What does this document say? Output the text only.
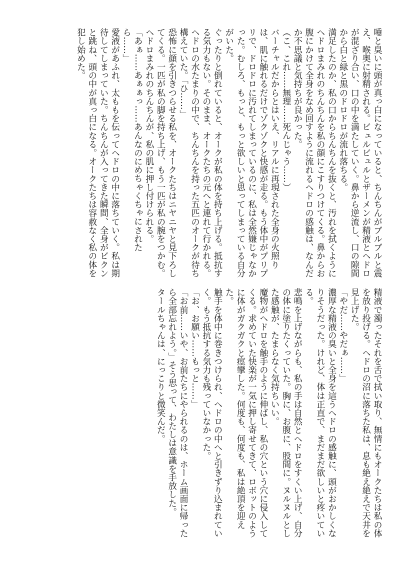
唾と臭いに頭が真っ白になっていると、ちんちんがブルブルと震え、喉奥に射精される。ビュルビュルとザーメンが精液とヘドロが混ざり合い、口の中を満たしていく。鼻から逆流し、口の隙間から白と緑と黒のドロドロが流れ落ちる。

満足したのか、私の口からちんちんを抜くと、汚れを拭くようにヘドロまみれのちんちんを私の顔にこすりつけてくる。鼻からお腹にかけて全身をなめ回すように流れるヘドロの感触は、なんだか不思議と気持ちが良かった。

（こ、これ……無理……死んじゃう……）

バーチャルだからとはいえ、リアルに再現された全身の火照りは、肌に触れるだけでゾクゾクと快感が走る。もう体中がプリプリで、ドロドロに汚れてしまっているのに、私は全然嫌じゃなかった。むしろ、もっと、もっと欲しいと思ってしまっている自分がいた。

ぐったりと倒れていると、オークが私の体を持ち上げる。抵抗する気力もない。そのまま、オークたちの元へと連れて行かれる。ヘドロの水たまりの中で、ちんちんを持った五匹のオークが待ち構えていた。「ひ……」

恐怖に顔を引きつらせる私を、オークたちはニヤニヤと見下ろしてくる。一匹が私の脚を持ち上げ、もう一匹が私の腕をつかむ。ヘドロまみれのちんちんが、私の肌に押し付けられる。

「あぁ……あぁぁっ……あんなのにめちゃくちゃにされたら……」

愛液があふれ、太ももを伝ってヘドロの中に落ちていく。私は期待してしまっていた。ちんちんが入ってきた瞬間、全身がビクンと跳ね、頭の中が真っ白になる。オークたちは容赦なく私の体を犯し始めた。

精液で濁ったそれを舌で拭い取り、無情にもオークたちは私の体を放り投げる。ヘドロの沼に落ちた私は、息も絶え絶えで天井を見上げた。

「やだ……やだぁ……」

濃厚な精液の臭いと全身を這うヘドロの感触に、頭がおかしくなりそうだった。けれど、体は正直で、まだまだ欲しいと疼いている。

悲鳴を上げながらも、私の手は自然とヘドロをすくい上げ、自分の体に塗りたくっていた。胸に、お腹に、股間に。ヌルヌルとした感触が、たまらなく気持ちいい。

魔物がヘドロを触手のように伸ばし、私の穴という穴に侵入してくる。求めていた快楽が一気に押し寄せてきて、ロボットのように体がガクガクと痙攣した。何度も、何度も、私は絶頂を迎えた。

触手を体中に巻きつけられ、ヘドロの中へと引きずり込まれていく。もう抵抗する気力も残っていなかった。

「お、お願い……もっと……」

「お前……いや、お前たちにやられるのは、ホーム画面に帰ったら全部忘れよう。」そう思って、わたしは意識を手放した。

タールちゃんは、にっこりと微笑んだ。
